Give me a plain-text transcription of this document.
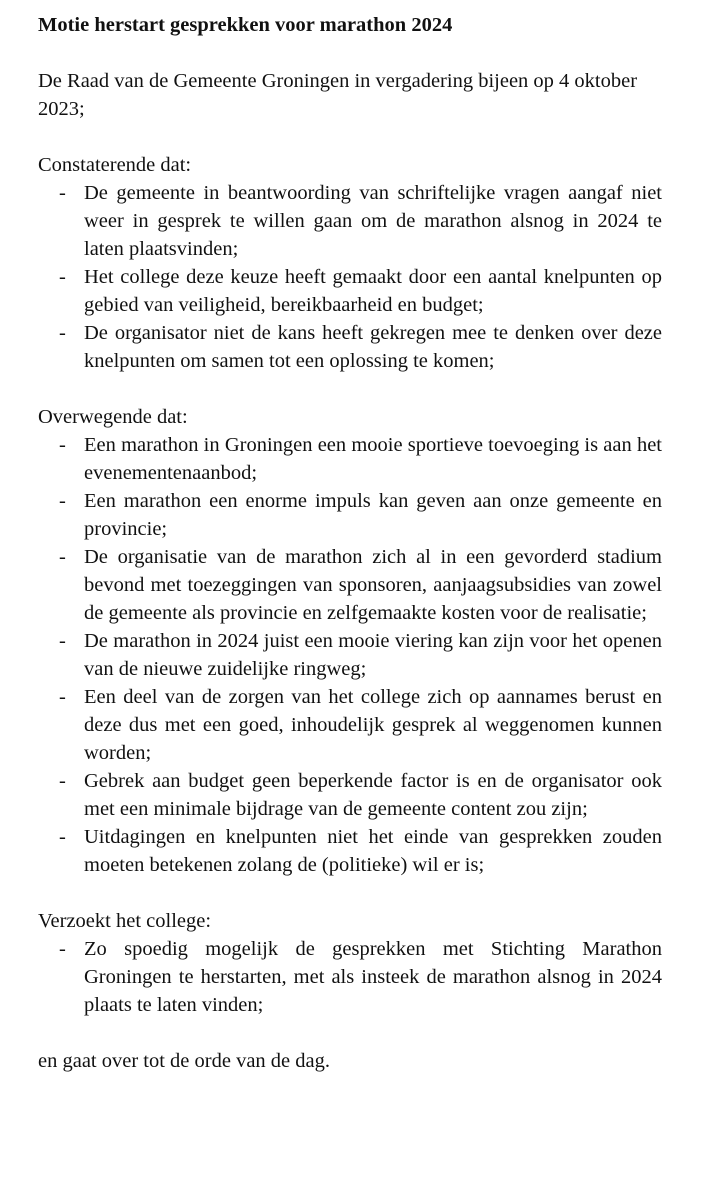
Motie herstart gesprekken voor marathon 2024

De Raad van de Gemeente Groningen in vergadering bijeen op 4 oktober 2023;

Constaterende dat:

- De gemeente in beantwoording van schriftelijke vragen aangaf niet weer in gesprek te willen gaan om de marathon alsnog in 2024 te laten plaatsvinden;
- Het college deze keuze heeft gemaakt door een aantal knelpunten op gebied van veiligheid, bereikbaarheid en budget;
- De organisator niet de kans heeft gekregen mee te denken over deze knelpunten om samen tot een oplossing te komen;

Overwegende dat:

- Een marathon in Groningen een mooie sportieve toevoeging is aan het evenementenaanbod;
- Een marathon een enorme impuls kan geven aan onze gemeente en provincie;
- De organisatie van de marathon zich al in een gevorderd stadium bevond met toezeggingen van sponsoren, aanjaagsubsidies van zowel de gemeente als provincie en zelfgemaakte kosten voor de realisatie;
- De marathon in 2024 juist een mooie viering kan zijn voor het openen van de nieuwe zuidelijke ringweg;
- Een deel van de zorgen van het college zich op aannames berust en deze dus met een goed, inhoudelijk gesprek al weggenomen kunnen worden;
- Gebrek aan budget geen beperkende factor is en de organisator ook met een minimale bijdrage van de gemeente content zou zijn;
- Uitdagingen en knelpunten niet het einde van gesprekken zouden moeten betekenen zolang de (politieke) wil er is;

Verzoekt het college:

- Zo spoedig mogelijk de gesprekken met Stichting Marathon Groningen te herstarten, met als insteek de marathon alsnog in 2024 plaats te laten vinden;

en gaat over tot de orde van de dag.
